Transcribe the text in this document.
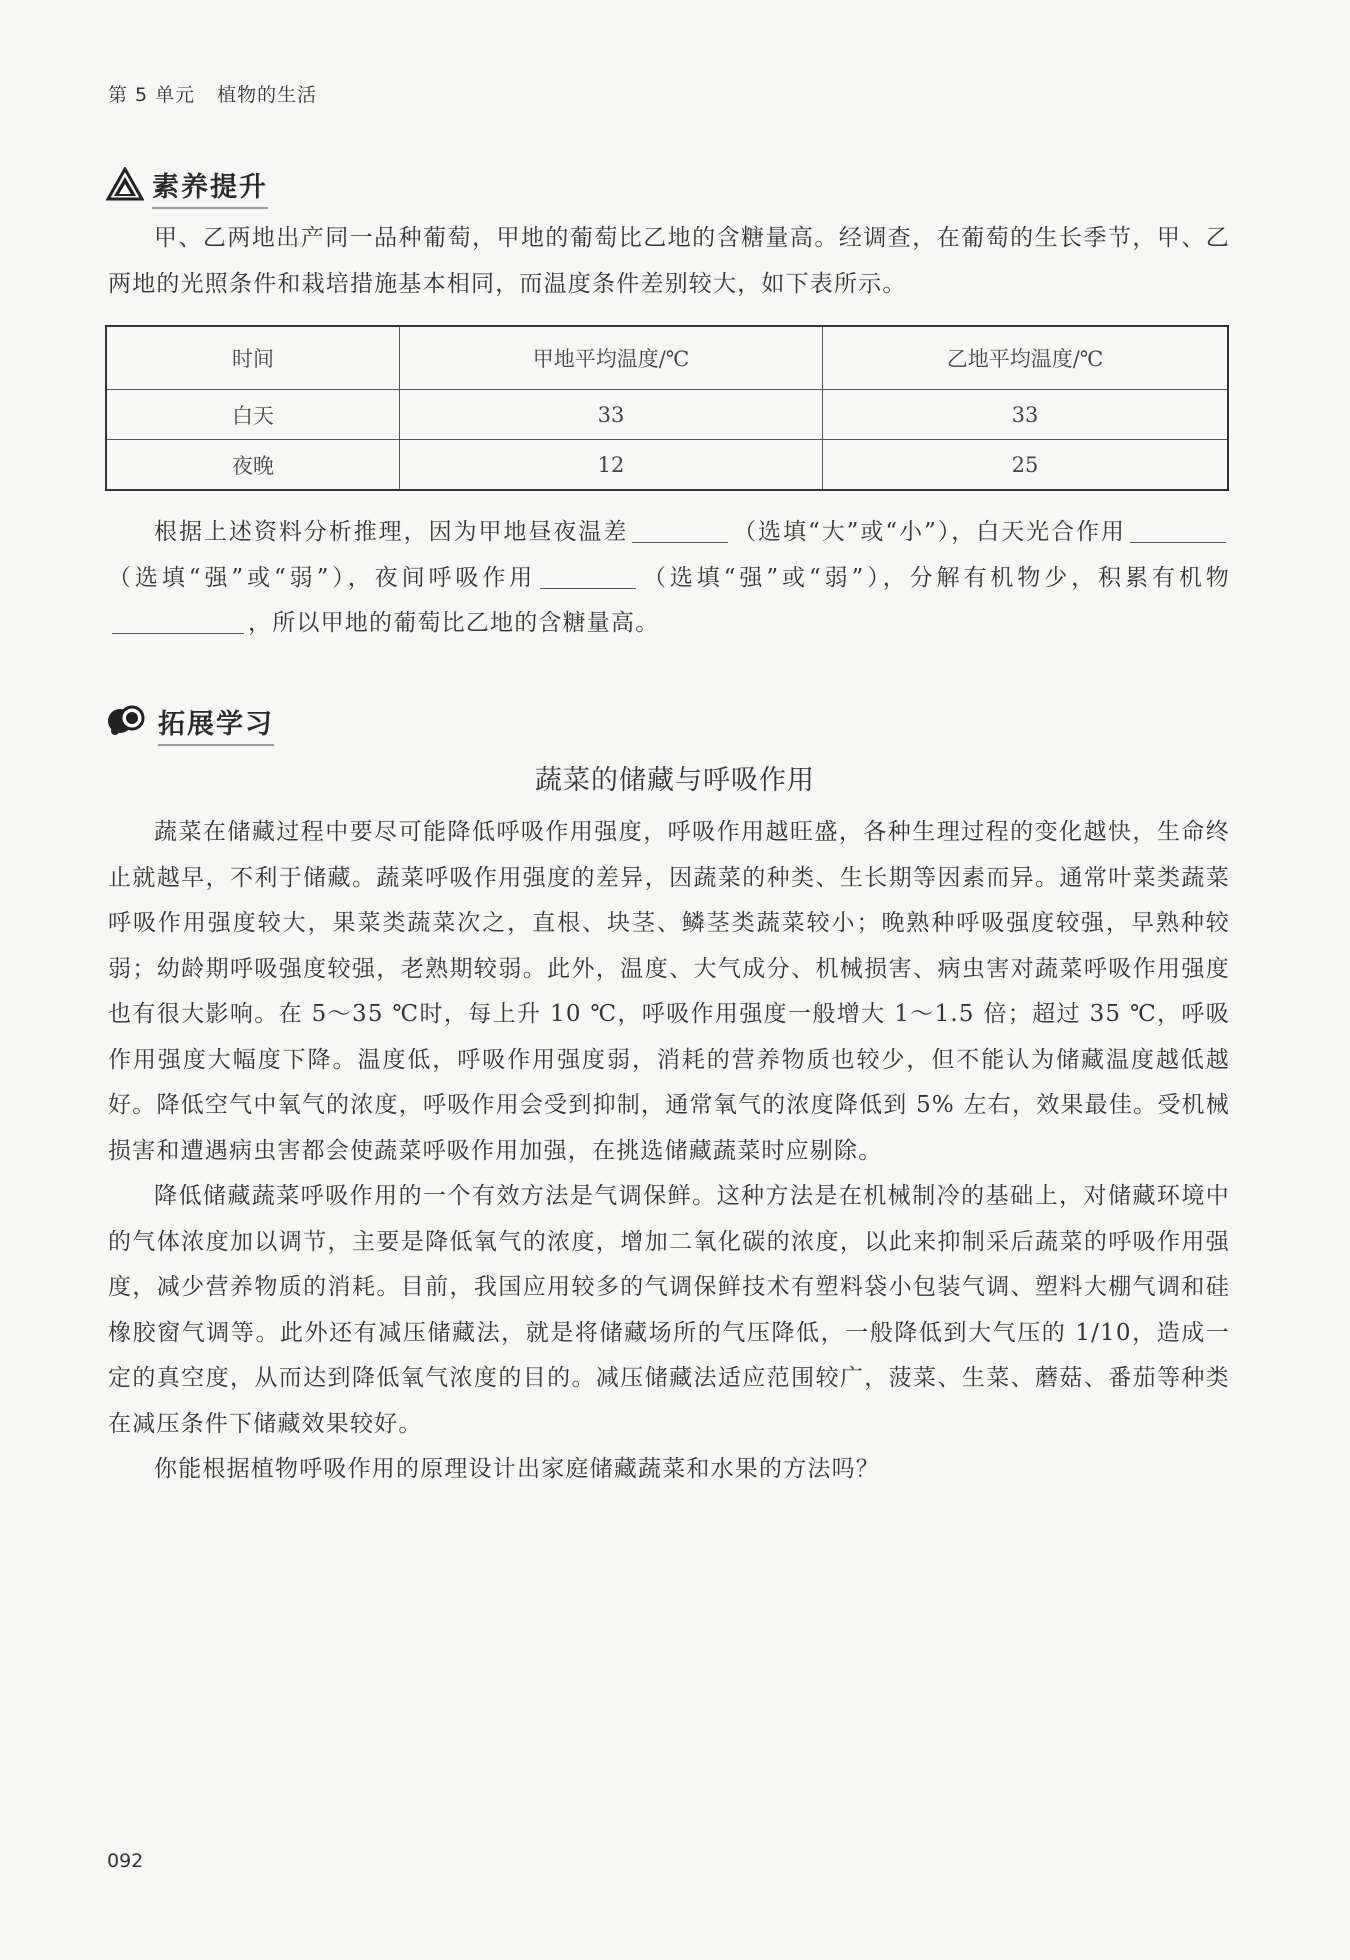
第 5 单元 植物的生活
素养提升

甲、乙两地出产同一品种葡萄，甲地的葡萄比乙地的含糖量高。经调查，在葡萄的生长季节，甲、乙两地的光照条件和栽培措施基本相同，而温度条件差别较大，如下表所示。

时间	甲地平均温度/℃	乙地平均温度/℃
白天	33	33
夜晚	12	25

根据上述资料分析推理，因为甲地昼夜温差	（选填“大”或“小”），白天光合作用（选填“强”或“弱”），夜间呼吸作用	（选填“强”或“弱”），分解有机物少，积累有机物，所以甲地的葡萄比乙地的含糖量高。

拓展学习
蔬菜的储藏与呼吸作用

蔬菜在储藏过程中要尽可能降低呼吸作用强度，呼吸作用越旺盛，各种生理过程的变化越快，生命终止就越早，不利于储藏。蔬菜呼吸作用强度的差异，因蔬菜的种类、生长期等因素而异。通常叶菜类蔬菜呼吸作用强度较大，果菜类蔬菜次之，直根、块茎、鳞茎类蔬菜较小；晚熟种呼吸强度较强，早熟种较弱；幼龄期呼吸强度较强，老熟期较弱。此外，温度、大气成分、机械损害、病虫害对蔬菜呼吸作用强度也有很大影响。在 5～35 ℃时，每上升 10 ℃，呼吸作用强度一般增大 1～1.5 倍；超过 35 ℃，呼吸作用强度大幅度下降。温度低，呼吸作用强度弱，消耗的营养物质也较少，但不能认为储藏温度越低越好。降低空气中氧气的浓度，呼吸作用会受到抑制，通常氧气的浓度降低到 5% 左右，效果最佳。受机械损害和遭遇病虫害都会使蔬菜呼吸作用加强，在挑选储藏蔬菜时应剔除。

降低储藏蔬菜呼吸作用的一个有效方法是气调保鲜。这种方法是在机械制冷的基础上，对储藏环境中的气体浓度加以调节，主要是降低氧气的浓度，增加二氧化碳的浓度，以此来抑制采后蔬菜的呼吸作用强度，减少营养物质的消耗。目前，我国应用较多的气调保鲜技术有塑料袋小包装气调、塑料大棚气调和硅橡胶窗气调等。此外还有减压储藏法，就是将储藏场所的气压降低，一般降低到大气压的 1/10，造成一定的真空度，从而达到降低氧气浓度的目的。减压储藏法适应范围较广，菠菜、生菜、蘑菇、番茄等种类在减压条件下储藏效果较好。

你能根据植物呼吸作用的原理设计出家庭储藏蔬菜和水果的方法吗？

092
